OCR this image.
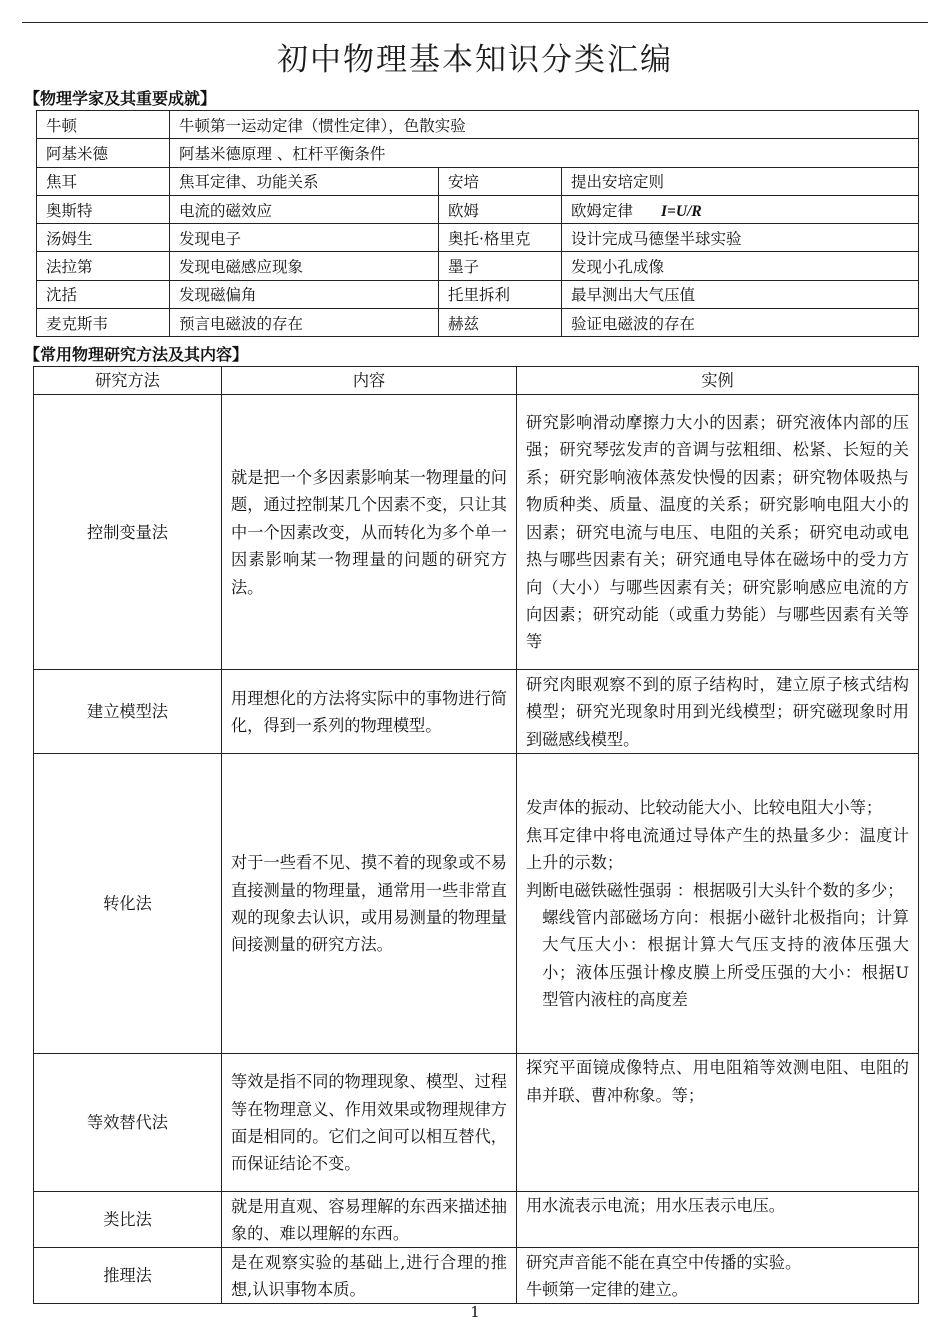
初中物理基本知识分类汇编
【物理学家及其重要成就】
牛顿	牛顿第一运动定律（惯性定律），色散实验		
阿基米德	阿基米德原理 、杠杆平衡条件		
焦耳	焦耳定律、功能关系	安培	提出安培定则
奥斯特	电流的磁效应	欧姆	欧姆定律 I=U/R
汤姆生	发现电子	奥托·格里克	设计完成马德堡半球实验
法拉第	发现电磁感应现象	墨子	发现小孔成像
沈括	发现磁偏角	托里拆利	最早测出大气压值
麦克斯韦	预言电磁波的存在	赫兹	验证电磁波的存在
【常用物理研究方法及其内容】
研究方法	内容	实例
控制变量法	就是把一个多因素影响某一物理量的问题，通过控制某几个因素不变，只让其中一个因素改变，从而转化为多个单一因素影响某一物理量的问题的研究方法。	研究影响滑动摩擦力大小的因素；研究液体内部的压强；研究琴弦发声的音调与弦粗细、松紧、长短的关系；研究影响液体蒸发快慢的因素；研究物体吸热与物质种类、质量、温度的关系；研究影响电阻大小的因素；研究电流与电压、电阻的关系；研究电动或电热与哪些因素有关；研究通电导体在磁场中的受力方向（大小）与哪些因素有关；研究影响感应电流的方向因素；研究动能（或重力势能）与哪些因素有关等等

建立模型法	用理想化的方法将实际中的事物进行简化，得到一系列的物理模型。	研究肉眼观察不到的原子结构时，建立原子核式结构模型；研究光现象时用到光线模型；研究磁现象时用到磁感线模型。

转化法	对于一些看不见、摸不着的现象或不易直接测量的物理量，通常用一些非常直观的现象去认识，或用易测量的物理量间接测量的研究方法。	发声体的振动、比较动能大小、比较电阻大小等；
焦耳定律中将电流通过导体产生的热量多少：温度计上升的示数；
判断电磁铁磁性强弱 ：根据吸引大头针个数的多少；
螺线管内部磁场方向：根据小磁针北极指向；计算大气压大小：根据计算大气压支持的液体压强大小；液体压强计橡皮膜上所受压强的大小：根据U型管内液柱的高度差

等效替代法	等效是指不同的物理现象、模型、过程等在物理意义、作用效果或物理规律方面是相同的。它们之间可以相互替代，而保证结论不变。	探究平面镜成像特点、用电阻箱等效测电阻、电阻的串并联、曹冲称象。等；

类比法	就是用直观、容易理解的东西来描述抽象的、难以理解的东西。	用水流表示电流；用水压表示电压。

推理法	是在观察实验的基础上,进行合理的推想,认识事物本质。	研究声音能不能在真空中传播的实验。
牛顿第一定律的建立。
1
